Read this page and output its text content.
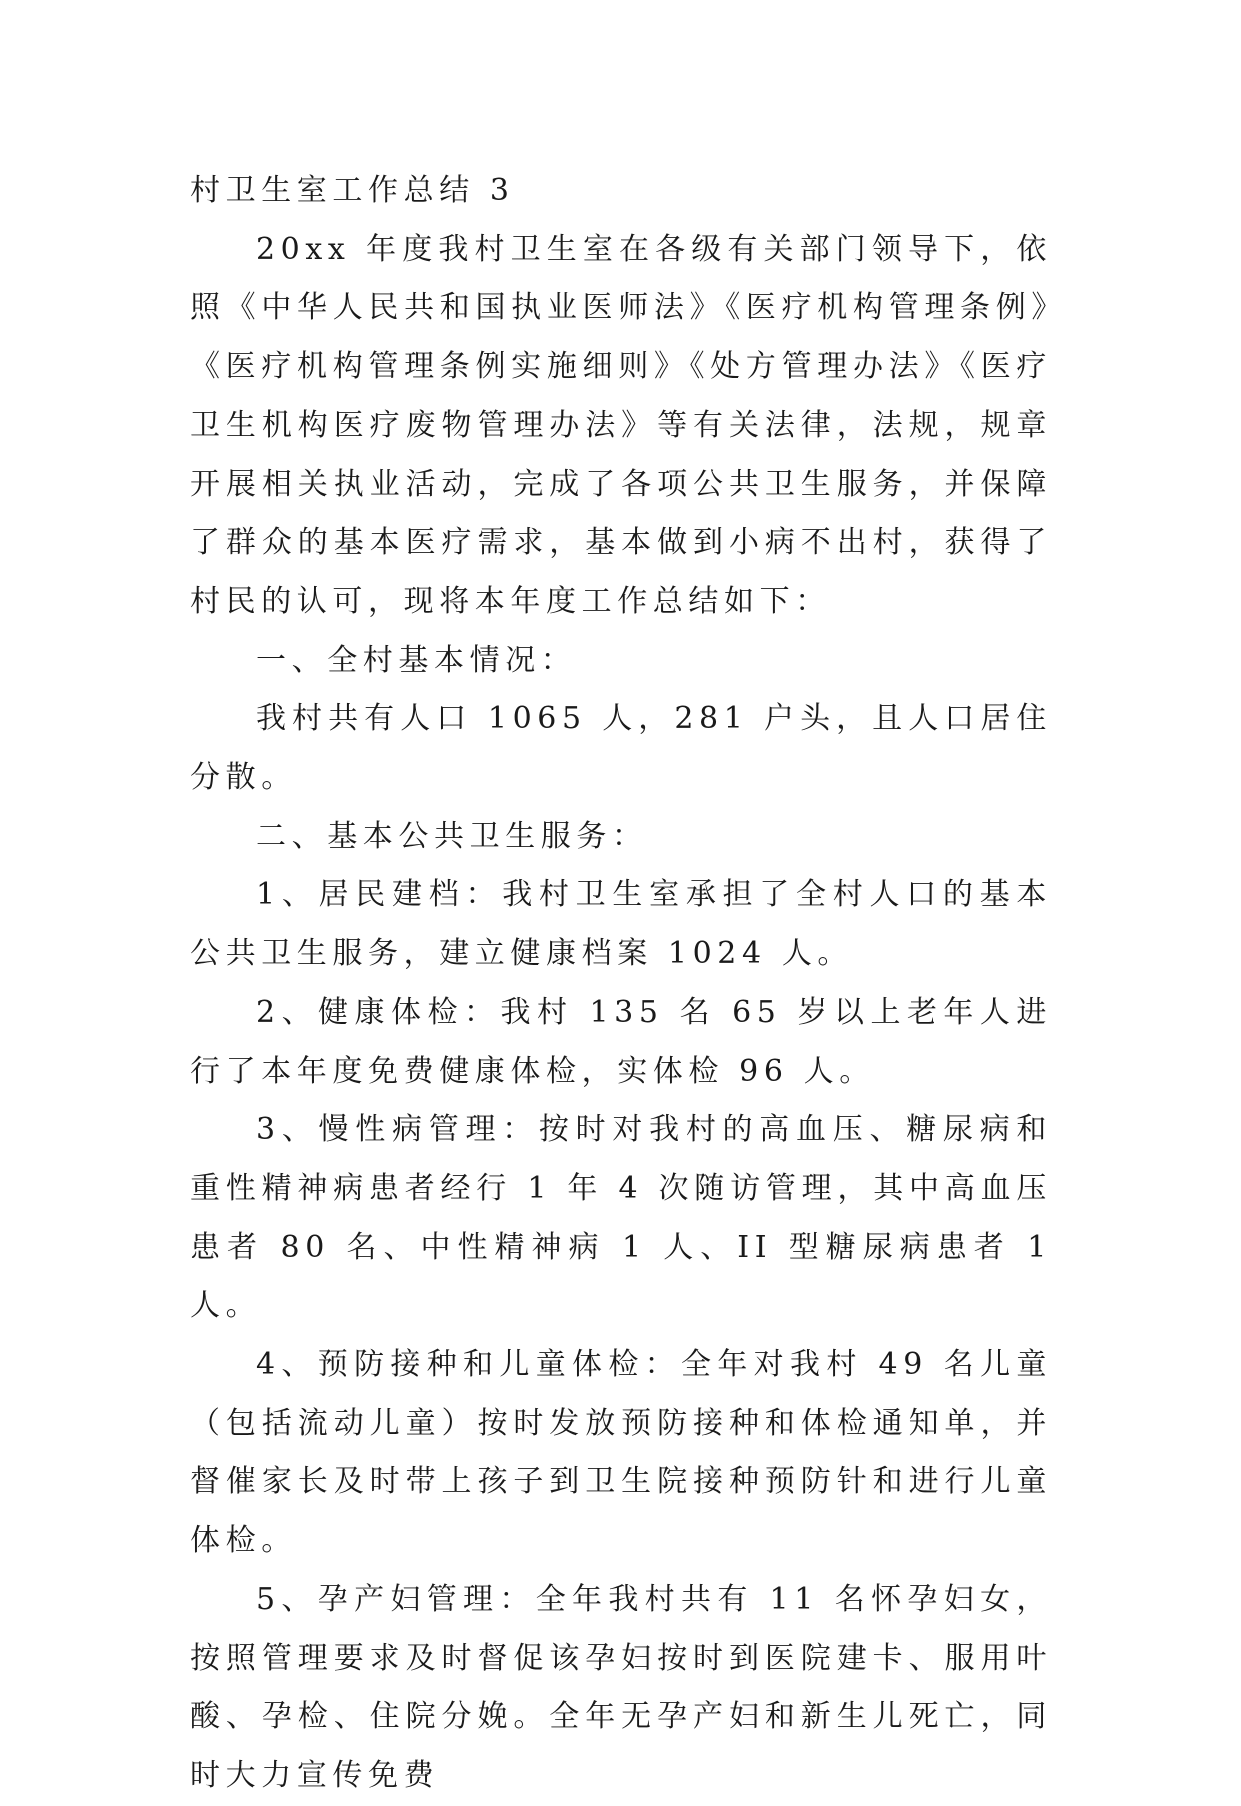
村卫生室工作总结 3

20xx 年度我村卫生室在各级有关部门领导下，依照《中华人民共和国执业医师法》《医疗机构管理条例》《医疗机构管理条例实施细则》《处方管理办法》《医疗卫生机构医疗废物管理办法》等有关法律，法规，规章开展相关执业活动，完成了各项公共卫生服务，并保障了群众的基本医疗需求，基本做到小病不出村，获得了村民的认可，现将本年度工作总结如下：

一、全村基本情况：

我村共有人口 1065 人，281 户头，且人口居住分散。

二、基本公共卫生服务：

1、居民建档：我村卫生室承担了全村人口的基本公共卫生服务，建立健康档案 1024 人。

2、健康体检：我村 135 名 65 岁以上老年人进行了本年度免费健康体检，实体检 96 人。

3、慢性病管理：按时对我村的高血压、糖尿病和重性精神病患者经行 1 年 4 次随访管理，其中高血压患者 80 名、中性精神病 1 人、II 型糖尿病患者 1 人。

4、预防接种和儿童体检：全年对我村 49 名儿童（包括流动儿童）按时发放预防接种和体检通知单，并督催家长及时带上孩子到卫生院接种预防针和进行儿童体检。

5、孕产妇管理：全年我村共有 11 名怀孕妇女，按照管理要求及时督促该孕妇按时到医院建卡、服用叶酸、孕检、住院分娩。全年无孕产妇和新生儿死亡，同时大力宣传免费
